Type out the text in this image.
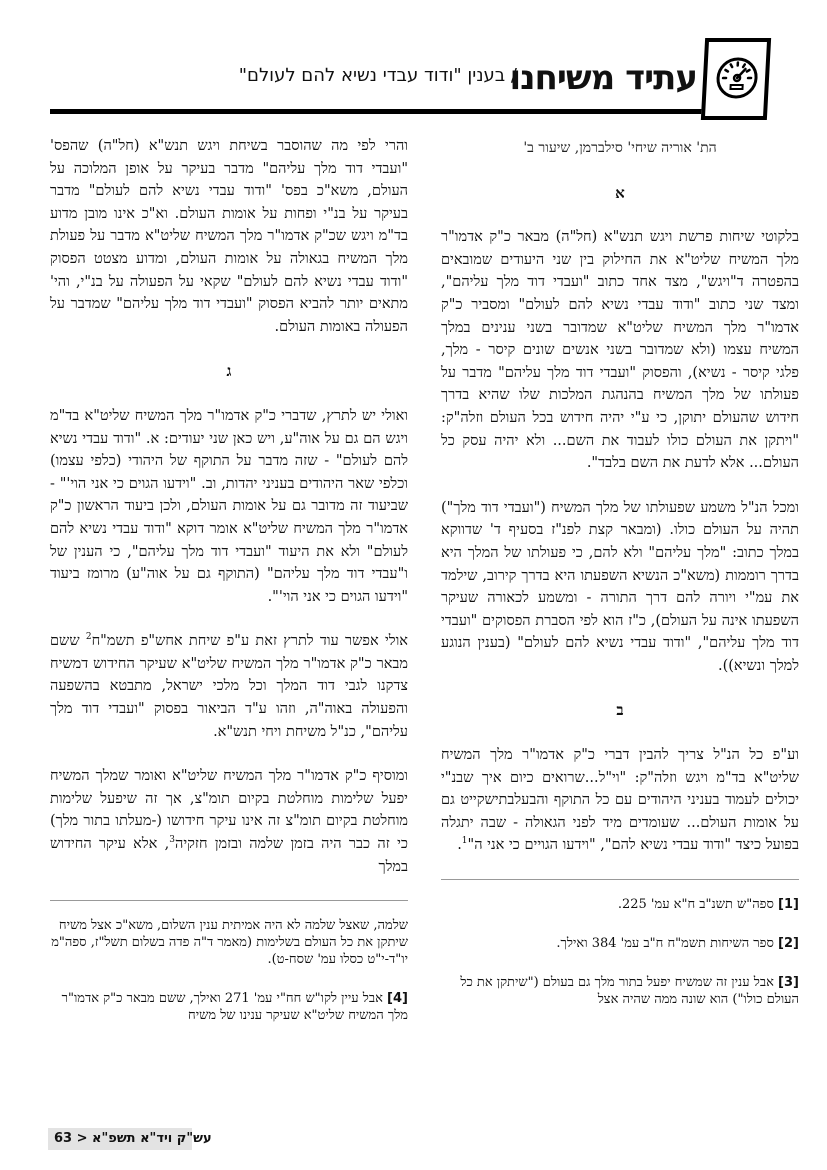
עתיד משיחנו
/ בענין "ודוד עבדי נשיא להם לעולם"

הת' אוריה שיחי' סילברמן, שיעור ב'

א

בלקוטי שיחות פרשת ויגש תנש"א (חל"ה) מבאר כ"ק אדמו"ר מלך המשיח שליט"א את החילוק בין שני היעודים שמובאים בהפטרה ד"ויגש", מצד אחד כתוב "ועבדי דוד מלך עליהם", ומצד שני כתוב "ודוד עבדי נשיא להם לעולם" ומסביר כ"ק אדמו"ר מלך המשיח שליט"א שמדובר בשני ענינים במלך המשיח עצמו (ולא שמדובר בשני אנשים שונים קיסר - מלך, פלגי קיסר - נשיא), והפסוק "ועבדי דוד מלך עליהם" מדבר על פעולתו של מלך המשיח בהנהגת המלכות שלו שהיא בדרך חידוש שהעולם יתוקן, כי ע"י יהיה חידוש בכל העולם וזלה"ק: "ויתקן את העולם כולו לעבוד את השם... ולא יהיה עסק כל העולם... אלא לדעת את השם בלבד".

ומכל הנ"ל משמע שפעולתו של מלך המשיח ("ועבדי דוד מלך") תהיה על העולם כולו. (ומבאר קצת לפנ"ז בסעיף ד' שדווקא במלך כתוב: "מלך עליהם" ולא להם, כי פעולתו של המלך היא בדרך רוממות (משא"כ הנשיא השפעתו היא בדרך קירוב, שילמד את עמ"י ויורה להם דרך התורה - ומשמע לכאורה שעיקר השפעתו אינה על העולם), כ"ז הוא לפי הסברת הפסוקים "ועבדי דוד מלך עליהם", "ודוד עבדי נשיא להם לעולם" (בענין הנוגע למלך ונשיא)).

ב

וע"פ כל הנ"ל צריך להבין דברי כ"ק אדמו"ר מלך המשיח שליט"א בד"מ ויגש וזלה"ק: "וי"ל...שרואים כיום איך שבנ"י יכולים לעמוד בעניני היהודים עם כל התוקף והבעלבתישקייט גם על אומות העולם... שעומדים מיד לפני הגאולה - שבה יתגלה בפועל כיצד "ודוד עבדי נשיא להם", "וידעו הגויים כי אני ה"$^1$.

[1] ספה"ש תשנ"ב ח"א עמ' 225.

[2] ספר השיחות תשמ"ח ח"ב עמ' 384 ואילך.

[3] אבל ענין זה שמשיח יפעל בתור מלך גם בעולם ("שיתקן את כל העולם כולו") הוא שונה ממה שהיה אצל

והרי לפי מה שהוסבר בשיחת ויגש תנש"א (חל"ה) שהפס' "ועבדי דוד מלך עליהם" מדבר בעיקר על אופן המלוכה על העולם, משא"כ בפס' "ודוד עבדי נשיא להם לעולם" מדבר בעיקר על בנ"י ופחות על אומות העולם. וא"כ אינו מובן מדוע בד"מ ויגש שכ"ק אדמו"ר מלך המשיח שליט"א מדבר על פעולת מלך המשיח בגאולה על אומות העולם, ומדוע מצטט הפסוק "ודוד עבדי נשיא להם לעולם" שקאי על הפעולה על בנ"י, והי' מתאים יותר להביא הפסוק "ועבדי דוד מלך עליהם" שמדבר על הפעולה באומות העולם.

ג

ואולי יש לתרץ, שדברי כ"ק אדמו"ר מלך המשיח שליט"א בד"מ ויגש הם גם על אוה"ע, ויש כאן שני יעודים: א. "ודוד עבדי נשיא להם לעולם" - שזה מדבר על התוקף של היהודי (כלפי עצמו) וכלפי שאר היהודים בעניני יהדות, וב. "וידעו הגוים כי אני הוי'" - שביעוד זה מדובר גם על אומות העולם, ולכן ביעוד הראשון כ"ק אדמו"ר מלך המשיח שליט"א אומר דוקא "ודוד עבדי נשיא להם לעולם" ולא את היעוד "ועבדי דוד מלך עליהם", כי הענין של ו"עבדי דוד מלך עליהם" (התוקף גם על אוה"ע) מרומז ביעוד "וידעו הגוים כי אני הוי'".

אולי אפשר עוד לתרץ זאת ע"פ שיחת אחש"פ תשמ"ח$^2$ ששם מבאר כ"ק אדמו"ר מלך המשיח שליט"א שעיקר החידוש דמשיח צדקנו לגבי דוד המלך וכל מלכי ישראל, מתבטא בהשפעה והפעולה באוה"ה, וזהו ע"ד הביאור בפסוק "ועבדי דוד מלך עליהם", כנ"ל משיחת ויחי תנש"א.

ומוסיף כ"ק אדמו"ר מלך המשיח שליט"א ואומר שמלך המשיח יפעל שלימות מוחלטת בקיום תומ"צ, אך זה שיפעל שלימות מוחלטת בקיום תומ"צ זה אינו עיקר חידושו (-מעלתו בתור מלך) כי זה כבר היה בזמן שלמה ובזמן חזקיה$^3$, אלא עיקר החידוש במלך

שלמה, שאצל שלמה לא היה אמיתית ענין השלום, משא"כ אצל משיח שיתקן את כל העולם בשלימות (מאמר ד"ה פדה בשלום תשל"ז, ספה"מ יו"ד-י"ט כסלו עמ' שסח-ט).

[4] אבל עיין לקו"ש חח"י עמ' 271 ואילך, ששם מבאר כ"ק אדמו"ר מלך המשיח שליט"א שעיקר ענינו של משיח

עש"ק ויד"א תשפ"א < 63
